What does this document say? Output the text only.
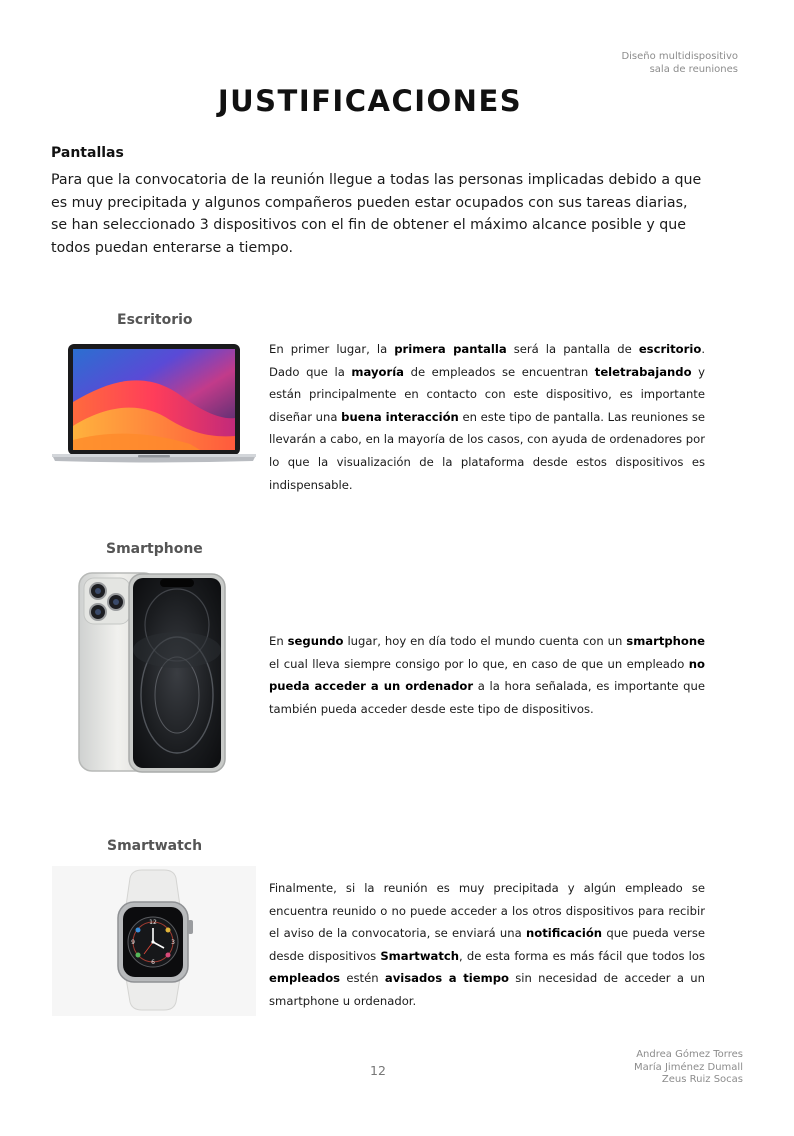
Diseño multidispositivo
sala de reuniones
JUSTIFICACIONES
Pantallas
Para que la convocatoria de la reunión llegue a todas las personas implicadas debido a que es muy precipitada y algunos compañeros pueden estar ocupados con sus tareas diarias, se han seleccionado 3 dispositivos con el fin de obtener el máximo alcance posible y que todos puedan enterarse a tiempo.
Escritorio
En primer lugar, la primera pantalla será la pantalla de escritorio. Dado que la mayoría de empleados se encuentran teletrabajando y están principalmente en contacto con este dispositivo, es importante diseñar una buena interacción en este tipo de pantalla. Las reuniones se llevarán a cabo, en la mayoría de los casos, con ayuda de ordenadores por lo que la visualización de la plataforma desde estos dispositivos es indispensable.
Smartphone
En segundo lugar, hoy en día todo el mundo cuenta con un smartphone el cual lleva siempre consigo por lo que, en caso de que un empleado no pueda acceder a un ordenador a la hora señalada, es importante que también pueda acceder desde este tipo de dispositivos.
Smartwatch
12
3
6
9
Finalmente, si la reunión es muy precipitada y algún empleado se encuentra reunido o no puede acceder a los otros dispositivos para recibir el aviso de la convocatoria, se enviará una notificación que pueda verse desde dispositivos Smartwatch, de esta forma es más fácil que todos los empleados estén avisados a tiempo sin necesidad de acceder a un smartphone u ordenador.
12
Andrea Gómez Torres
María Jiménez Dumall
Zeus Ruiz Socas
